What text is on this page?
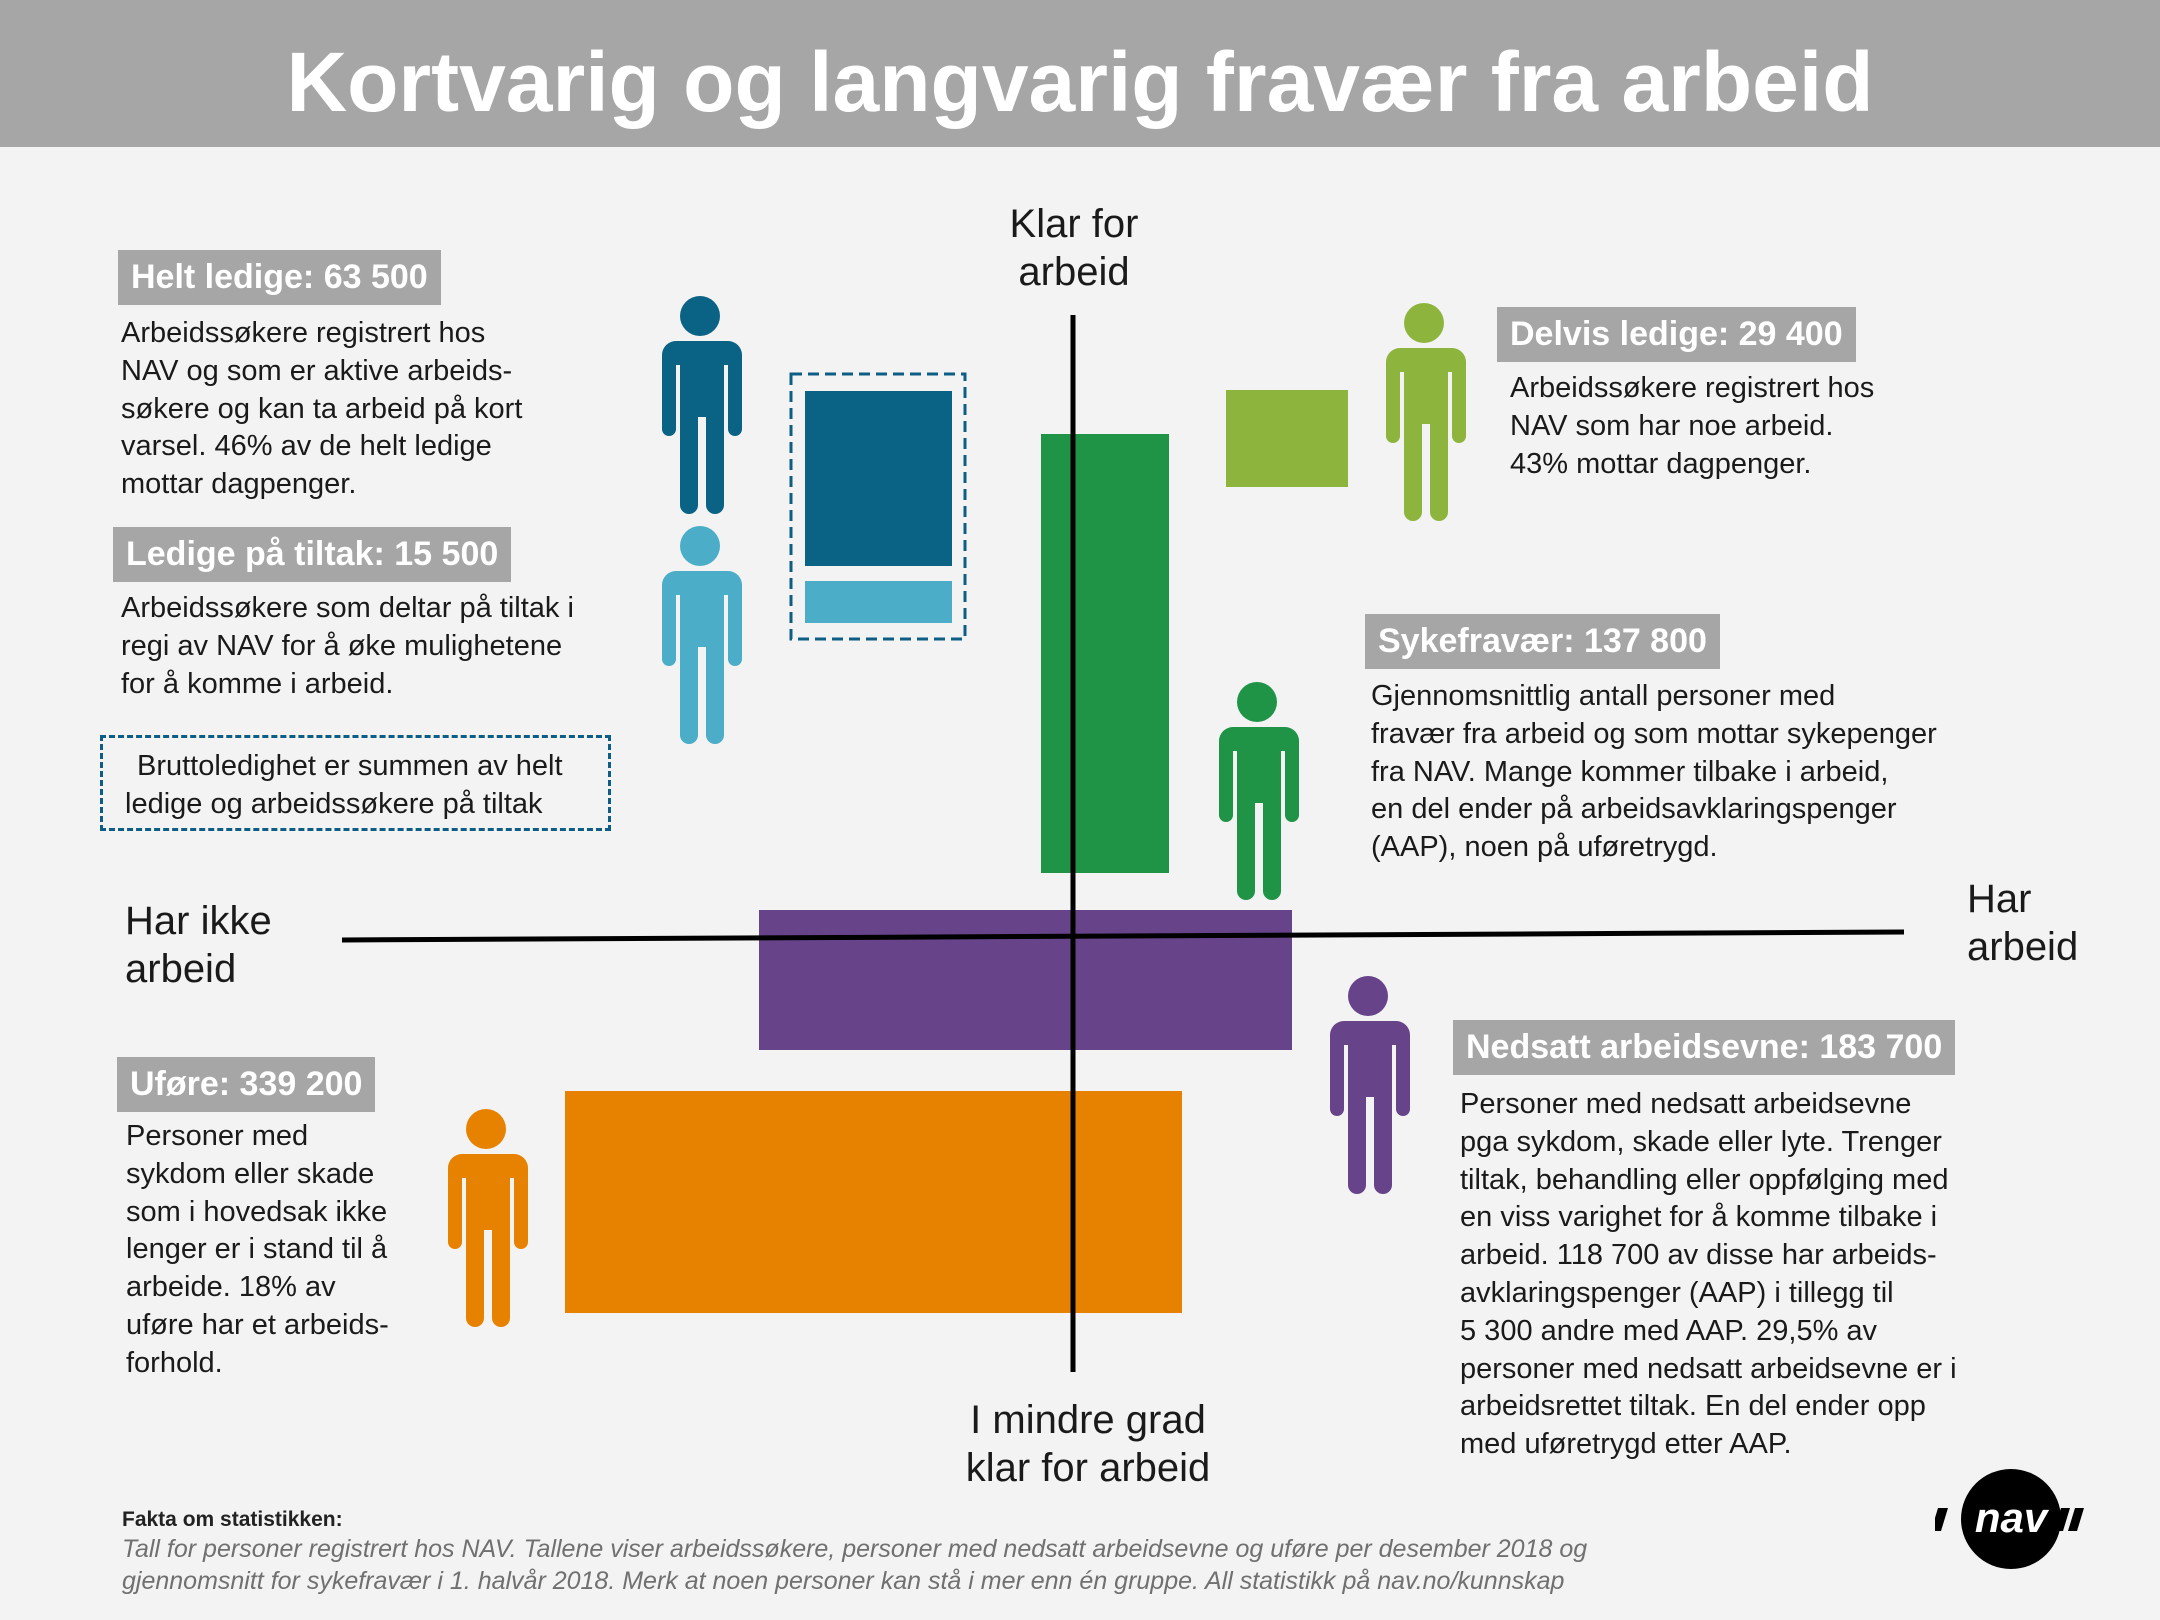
Kortvarig og langvarig fravær fra arbeid
Klar for
arbeid
I mindre grad
klar for arbeid
Har ikke
arbeid
Har
arbeid
Helt ledige: 63 500
Arbeidssøkere registrert hos
NAV og som er aktive arbeids-
søkere og kan ta arbeid på kort
varsel. 46% av de helt ledige
mottar dagpenger.
Ledige på tiltak: 15 500
Arbeidssøkere som deltar på tiltak i
regi av NAV for å øke mulighetene
for å komme i arbeid.
Bruttoledighet er summen av helt
ledige og arbeidssøkere på tiltak
Delvis ledige: 29 400
Arbeidssøkere registrert hos
NAV som har noe arbeid.
43% mottar dagpenger.
Sykefravær: 137 800
Gjennomsnittlig antall personer med
fravær fra arbeid og som mottar sykepenger
fra NAV. Mange kommer tilbake i arbeid,
en del ender på arbeidsavklaringspenger
(AAP), noen på uføretrygd.
Nedsatt arbeidsevne: 183 700
Personer med nedsatt arbeidsevne
pga sykdom, skade eller lyte. Trenger
tiltak, behandling eller oppfølging med
en viss varighet for å komme tilbake i
arbeid. 118 700 av disse har arbeids-
avklaringspenger (AAP) i tillegg til
5 300 andre med AAP. 29,5% av
personer med nedsatt arbeidsevne er i
arbeidsrettet tiltak. En del ender opp
med uføretrygd etter AAP.
Uføre: 339 200
Personer med
sykdom eller skade
som i hovedsak ikke
lenger er i stand til å
arbeide. 18% av
uføre har et arbeids-
forhold.
Fakta om statistikken:
Tall for personer registrert hos NAV. Tallene viser arbeidssøkere, personer med nedsatt arbeidsevne og uføre per desember 2018 og
gjennomsnitt for sykefravær i 1. halvår 2018. Merk at noen personer kan stå i mer enn én gruppe. All statistikk på nav.no/kunnskap
nav
